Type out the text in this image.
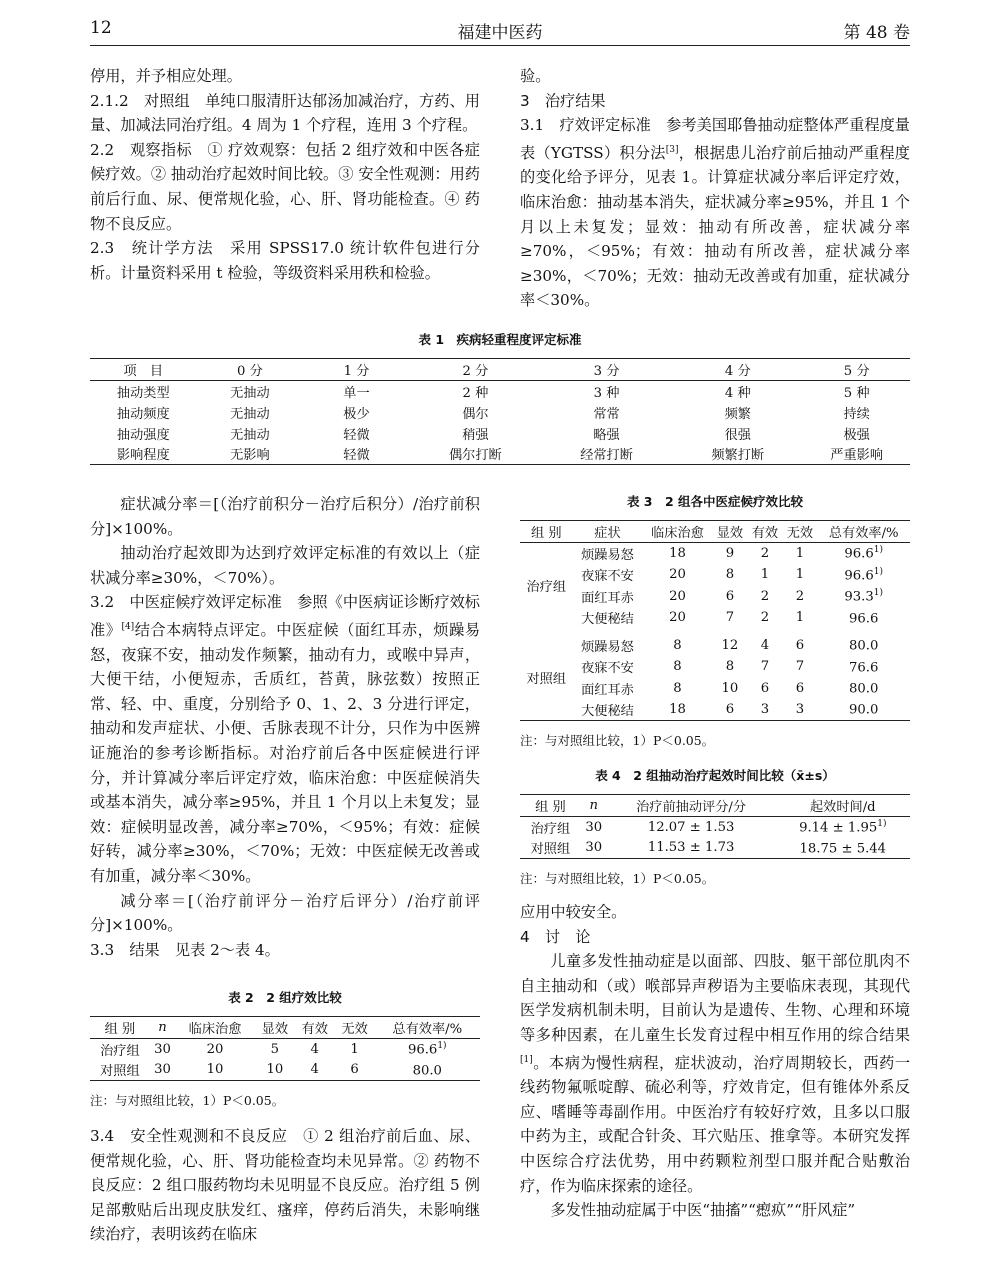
12	福建中医药	第 48 卷

停用，并予相应处理。

2.1.2　对照组　单纯口服清肝达郁汤加减治疗，方药、用量、加减法同治疗组。4 周为 1 个疗程，连用 3 个疗程。

2.2　观察指标　① 疗效观察：包括 2 组疗效和中医各症候疗效。② 抽动治疗起效时间比较。③ 安全性观测：用药前后行血、尿、便常规化验，心、肝、肾功能检查。④ 药物不良反应。

2.3　统计学方法　采用 SPSS17.0 统计软件包进行分析。计量资料采用 t 检验，等级资料采用秩和检验。

验。

3　治疗结果

3.1　疗效评定标准　参考美国耶鲁抽动症整体严重程度量表（YGTSS）积分法[3]，根据患儿治疗前后抽动严重程度的变化给予评分，见表 1。计算症状减分率后评定疗效，临床治愈：抽动基本消失，症状减分率≥95%，并且 1 个月以上未复发；显效：抽动有所改善，症状减分率≥70%，＜95%；有效：抽动有所改善，症状减分率≥30%，＜70%；无效：抽动无改善或有加重，症状减分率＜30%。

表 1　疾病轻重程度评定标准
项　目	0 分	1 分	2 分	3 分	4 分	5 分
抽动类型	无抽动	单一	2 种	3 种	4 种	5 种
抽动频度	无抽动	极少	偶尔	常常	频繁	持续
抽动强度	无抽动	轻微	稍强	略强	很强	极强
影响程度	无影响	轻微	偶尔打断	经常打断	频繁打断	严重影响

症状减分率＝[（治疗前积分－治疗后积分）/治疗前积分]×100%。

抽动治疗起效即为达到疗效评定标准的有效以上（症状减分率≥30%，＜70%）。

3.2　中医症候疗效评定标准　参照《中医病证诊断疗效标准》[4]结合本病特点评定。中医症候（面红耳赤，烦躁易怒，夜寐不安，抽动发作频繁，抽动有力，或喉中异声，大便干结，小便短赤，舌质红，苔黄，脉弦数）按照正常、轻、中、重度，分别给予 0、1、2、3 分进行评定，抽动和发声症状、小便、舌脉表现不计分，只作为中医辨证施治的参考诊断指标。对治疗前后各中医症候进行评分，并计算减分率后评定疗效，临床治愈：中医症候消失或基本消失，减分率≥95%，并且 1 个月以上未复发；显效：症候明显改善，减分率≥70%，＜95%；有效：症候好转，减分率≥30%，＜70%；无效：中医症候无改善或有加重，减分率＜30%。

减分率＝[（治疗前评分－治疗后评分）/治疗前评分]×100%。

3.3　结果　见表 2～表 4。

表 2　2 组疗效比较
组 别	n	临床治愈	显效	有效	无效	总有效率/%
治疗组	30	20	5	4	1	96.6$^{1)}$
对照组	30	10	10	4	6	80.0
注：与对照组比较，1）P＜0.05。

3.4　安全性观测和不良反应　① 2 组治疗前后血、尿、便常规化验，心、肝、肾功能检查均未见异常。② 药物不良反应：2 组口服药物均未见明显不良反应。治疗组 5 例足部敷贴后出现皮肤发红、瘙痒，停药后消失，未影响继续治疗，表明该药在临床

表 3　2 组各中医症候疗效比较
组 别	症状	临床治愈	显效	有效	无效	总有效率/%
治疗组	烦躁易怒	18	9	2	1	96.6$^{1)}$
	夜寐不安	20	8	1	1	96.6$^{1)}$
	面红耳赤	20	6	2	2	93.3$^{1)}$
	大便秘结	20	7	2	1	96.6

对照组	烦躁易怒	8	12	4	6	80.0
	夜寐不安	8	8	7	7	76.6
	面红耳赤	8	10	6	6	80.0
	大便秘结	18	6	3	3	90.0
注：与对照组比较，1）P＜0.05。
表 4　2 组抽动治疗起效时间比较（x̄±s）
组 别	n	治疗前抽动评分/分	起效时间/d
治疗组	30	12.07 ± 1.53	$9.14 \pm 1.95^{1)}$
对照组	30	11.53 ± 1.73	18.75 ± 5.44
注：与对照组比较，1）P＜0.05。

应用中较安全。

4　讨　论

儿童多发性抽动症是以面部、四肢、躯干部位肌肉不自主抽动和（或）喉部异声秽语为主要临床表现，其现代医学发病机制未明，目前认为是遗传、生物、心理和环境等多种因素，在儿童生长发育过程中相互作用的综合结果[1]。本病为慢性病程，症状波动，治疗周期较长，西药一线药物氟哌啶醇、硫必利等，疗效肯定，但有锥体外系反应、嗜睡等毒副作用。中医治疗有较好疗效，且多以口服中药为主，或配合针灸、耳穴贴压、推拿等。本研究发挥中医综合疗法优势，用中药颗粒剂型口服并配合贴敷治疗，作为临床探索的途径。

多发性抽动症属于中医“抽搐”“瘛疭”“肝风症”
